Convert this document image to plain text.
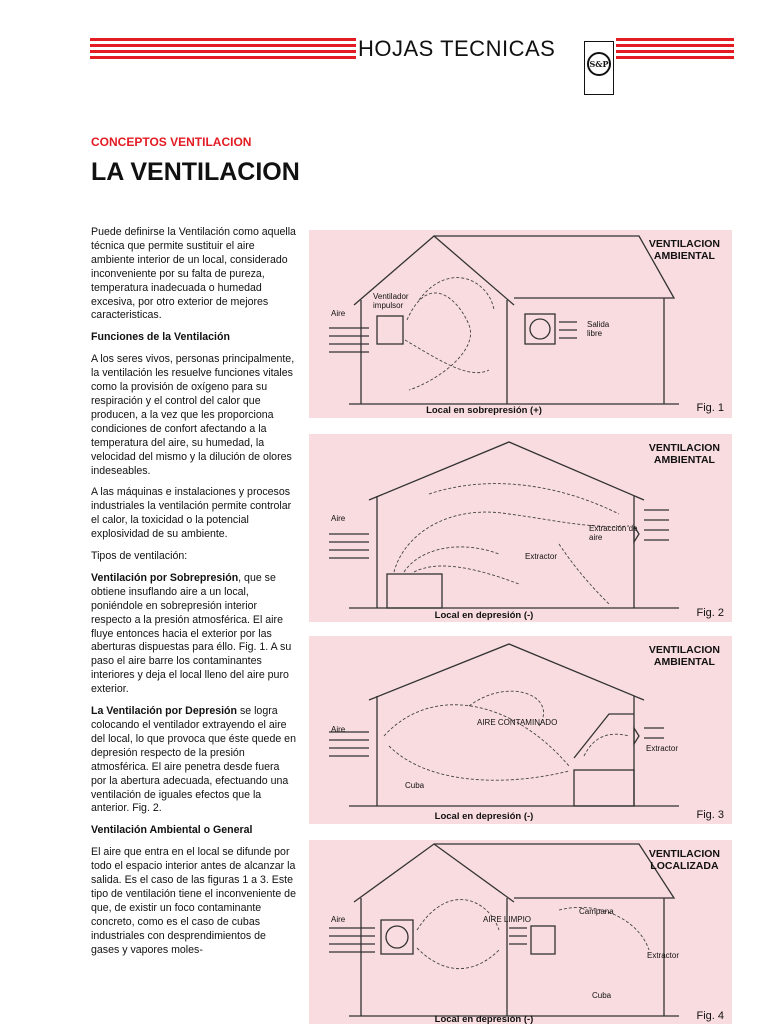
HOJAS TECNICAS
S&P
CONCEPTOS VENTILACION
LA VENTILACION

Puede definirse la Ventilación como aquella técnica que permite sustituir el aire ambiente interior de un local, considerado inconveniente por su falta de pureza, temperatura inadecuada o humedad excesiva, por otro exterior de mejores caracteristicas.

Funciones de la Ventilación

A los seres vivos, personas principalmente, la ventilación les resuelve funciones vitales como la provisión de oxígeno para su respiración y el control del calor que producen, a la vez que les proporciona condiciones de confort afectando a la temperatura del aire, su humedad, la velocidad del mismo y la dilución de olores indeseables.

A las máquinas e instalaciones y procesos industriales la ventilación permite controlar el calor, la toxicidad o la potencial explosividad de su ambiente.

Tipos de ventilación:

Ventilación por Sobrepresión, que se obtiene insuflando aire a un local, poniéndole en sobrepresión interior respecto a la presión atmosférica. El aire fluye entonces hacia el exterior por las aberturas dispuestas para éllo. Fig. 1. A su paso el aire barre los contaminantes interiores y deja el local lleno del aire puro exterior.

La Ventilación por Depresión se logra colocando el ventilador extrayendo el aire del local, lo que provoca que éste quede en depresión respecto de la presión atmosférica. El aire penetra desde fuera por la abertura adecuada, efectuando una ventilación de iguales efectos que la anterior. Fig. 2.

Ventilación Ambiental o General

El aire que entra en el local se difunde por todo el espacio interior antes de alcanzar la salida. Es el caso de las figuras 1 a 3. Este tipo de ventilación tiene el inconveniente de que, de existir un foco contaminante concreto, como es el caso de cubas industriales con desprendimientos de gases y vapores moles-

VENTILACION
AMBIENTAL
Aire
Ventilador impulsor
Salida libre
Local en sobrepresión (+)	Fig. 1
VENTILACION
AMBIENTAL
Aire
Extractor
Extracción de aire
Local en depresión (-)	Fig. 2
VENTILACION
AMBIENTAL
Aire
AIRE CONTAMINADO
Extractor
Cuba
Local en depresión (-)	Fig. 3
VENTILACION
LOCALIZADA
Aire	AIRE LIMPIO
Campana
Extractor
Cuba
Local en depresión (-)	Fig. 4
